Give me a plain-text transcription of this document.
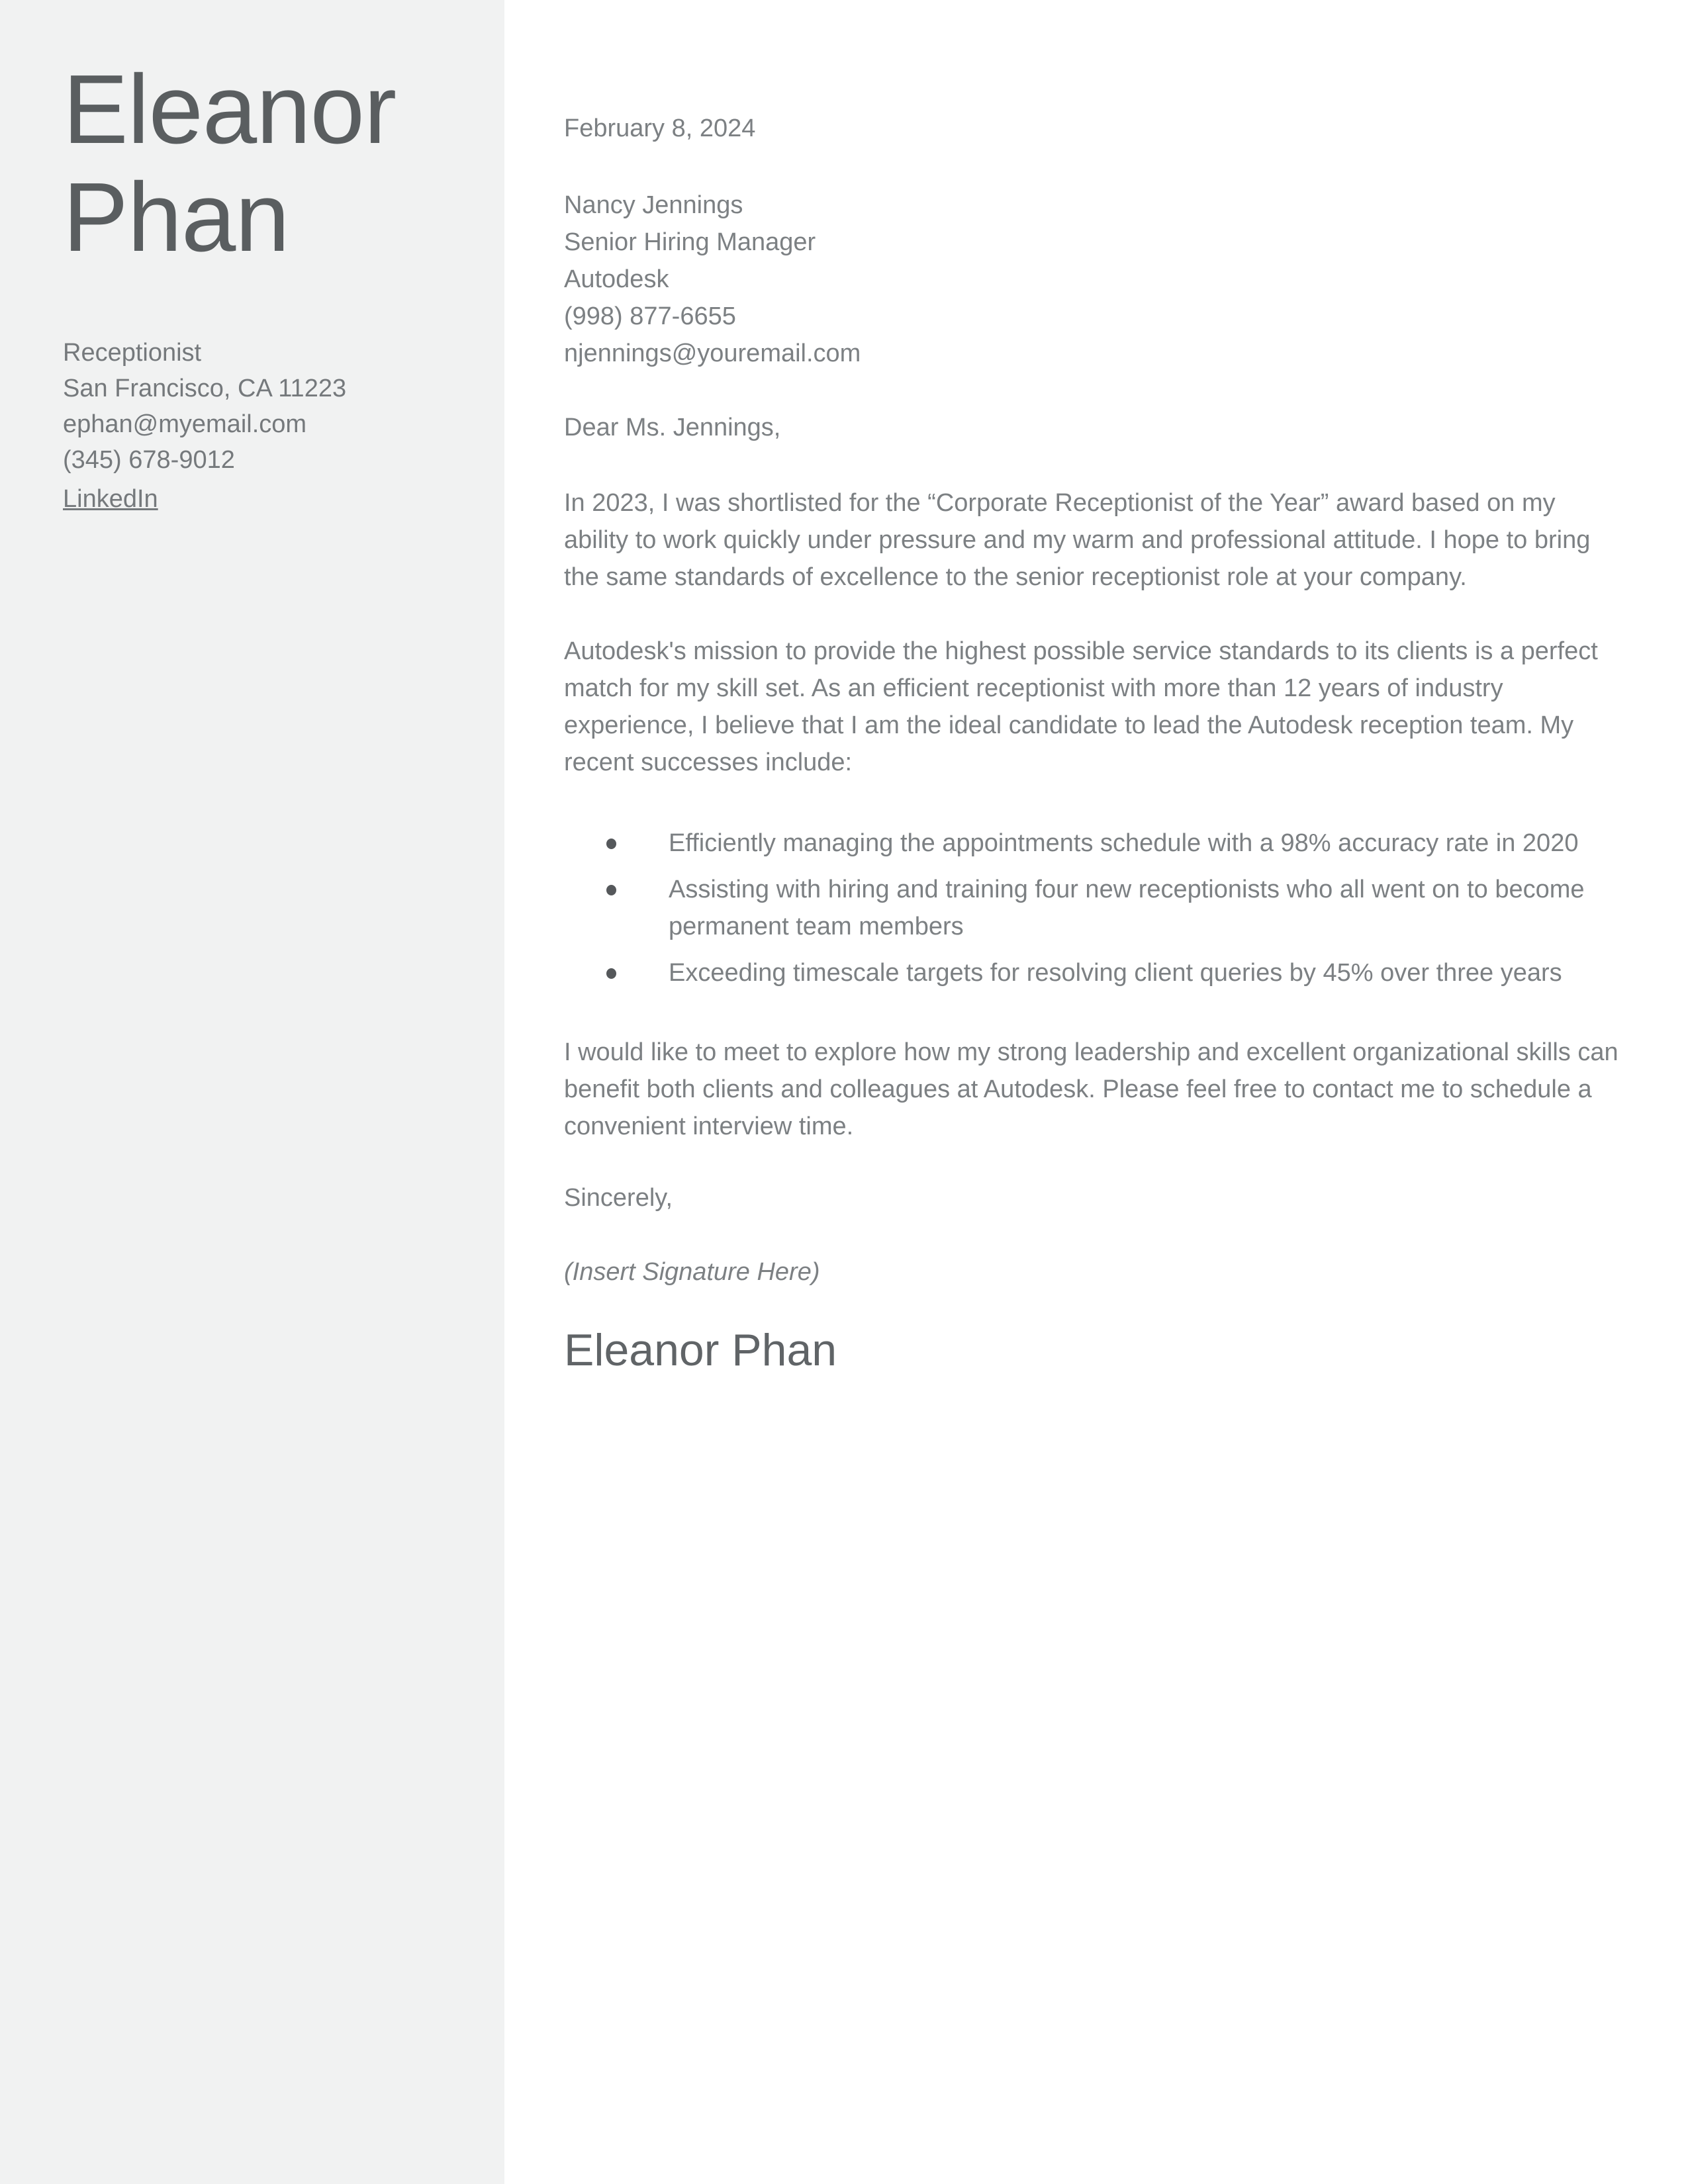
Eleanor Phan
Receptionist
San Francisco, CA 11223
ephan@myemail.com
(345) 678-9012
LinkedIn
February 8, 2024
Nancy Jennings
Senior Hiring Manager
Autodesk
(998) 877-6655
njennings@youremail.com
Dear Ms. Jennings,

In 2023, I was shortlisted for the “Corporate Receptionist of the Year” award based on my ability to work quickly under pressure and my warm and professional attitude. I hope to bring the same standards of excellence to the senior receptionist role at your company.

Autodesk's mission to provide the highest possible service standards to its clients is a perfect match for my skill set. As an efficient receptionist with more than 12 years of industry experience, I believe that I am the ideal candidate to lead the Autodesk reception team. My recent successes include:

Efficiently managing the appointments schedule with a 98% accuracy rate in 2020
Assisting with hiring and training four new receptionists who all went on to become permanent team members
Exceeding timescale targets for resolving client queries by 45% over three years

I would like to meet to explore how my strong leadership and excellent organizational skills can benefit both clients and colleagues at Autodesk. Please feel free to contact me to schedule a convenient interview time.

Sincerely,
(Insert Signature Here)
Eleanor Phan
